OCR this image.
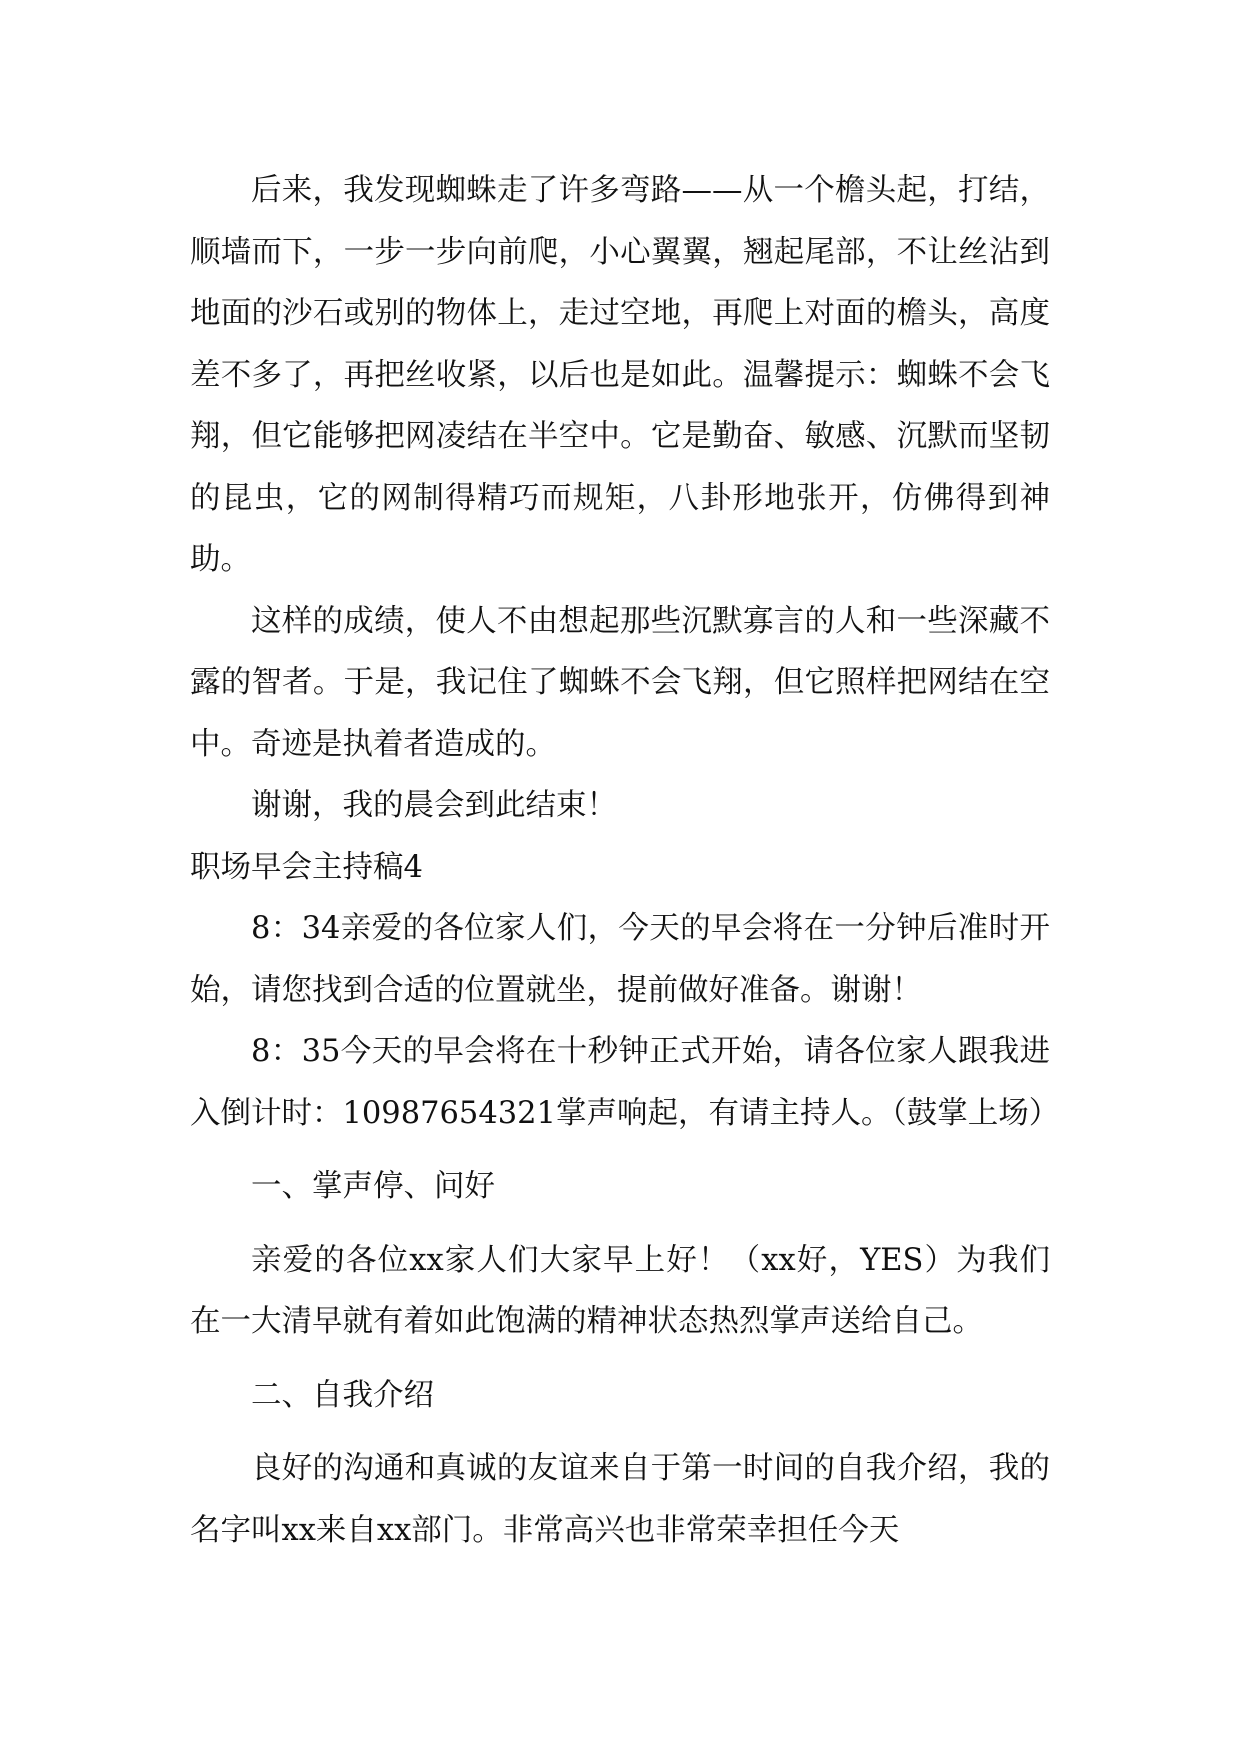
后来，我发现蜘蛛走了许多弯路——从一个檐头起，打结，顺墙而下，一步一步向前爬，小心翼翼，翘起尾部，不让丝沾到地面的沙石或别的物体上，走过空地，再爬上对面的檐头，高度差不多了，再把丝收紧，以后也是如此。温馨提示：蜘蛛不会飞翔，但它能够把网凌结在半空中。它是勤奋、敏感、沉默而坚韧的昆虫，它的网制得精巧而规矩，八卦形地张开，仿佛得到神助。

这样的成绩，使人不由想起那些沉默寡言的人和一些深藏不露的智者。于是，我记住了蜘蛛不会飞翔，但它照样把网结在空中。奇迹是执着者造成的。

谢谢，我的晨会到此结束！

职场早会主持稿4

8：34亲爱的各位家人们，今天的早会将在一分钟后准时开始，请您找到合适的位置就坐，提前做好准备。谢谢！

8：35今天的早会将在十秒钟正式开始，请各位家人跟我进入倒计时：10987654321掌声响起，有请主持人。（鼓掌上场）

一、掌声停、问好

亲爱的各位xx家人们大家早上好！（xx好，YES）为我们在一大清早就有着如此饱满的精神状态热烈掌声送给自己。

二、自我介绍

良好的沟通和真诚的友谊来自于第一时间的自我介绍，我的名字叫xx来自xx部门。非常高兴也非常荣幸担任今天
